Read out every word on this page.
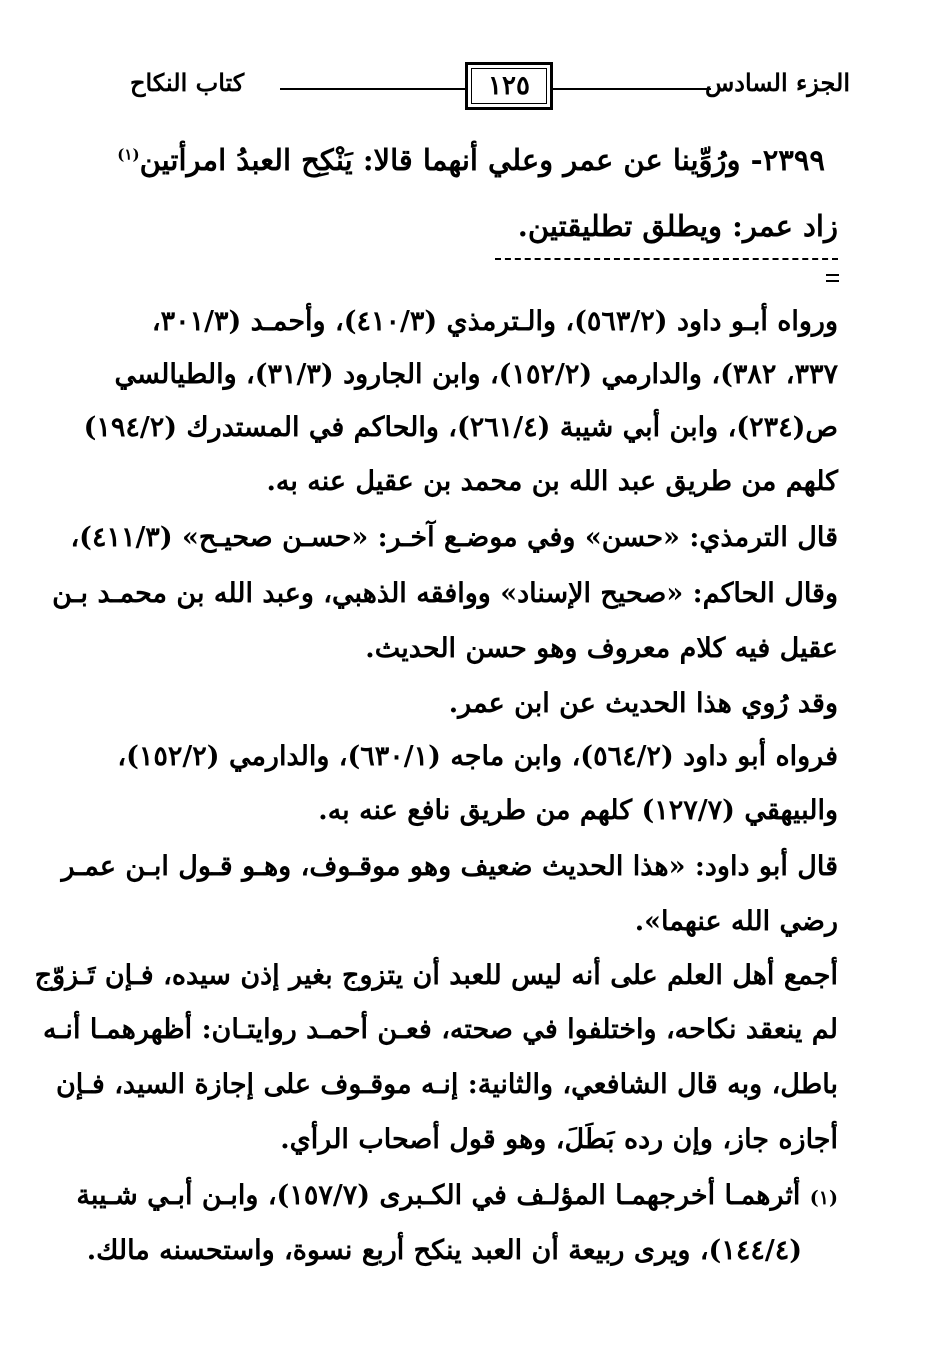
كتاب النكاح	١٢٥	الجزء السادس
٢٣٩٩- ورُوِّينا عن عمر وعلي أنهما قالا: يَنْكِح العبدُ امرأتين$^{(١)}$
زاد عمر: ويطلق تطليقتين.
ورواه أبـو داود (٥٦٣/٢)، والـترمذي (٤١٠/٣)، وأحمـد (٣٠١/٣،
٣٣٧، ٣٨٢)، والدارمي (١٥٢/٢)، وابن الجارود (٣١/٣)، والطيالسي
ص(٢٣٤)، وابن أبي شيبة (٢٦١/٤)، والحاكم في المستدرك (١٩٤/٢)
كلهم من طريق عبد الله بن محمد بن عقيل عنه به.
قال الترمذي: «حسن» وفي موضـع آخـر: «حسـن صحيـح» (٤١١/٣)،
وقال الحاكم: «صحيح الإسناد» ووافقه الذهبي، وعبد الله بن محمـد بـن
عقيل فيه كلام معروف وهو حسن الحديث.
وقد رُوي هذا الحديث عن ابن عمر.
فرواه أبو داود (٥٦٤/٢)، وابن ماجه (٦٣٠/١)، والدارمي (١٥٢/٢)،
والبيهقي (١٢٧/٧) كلهم من طريق نافع عنه به.
قال أبو داود: «هذا الحديث ضعيف وهو موقـوف، وهـو قـول ابـن عمـر
رضي الله عنهما».
أجمع أهل العلم على أنه ليس للعبد أن يتزوج بغير إذن سيده، فـإن تَـزوّج
لم ينعقد نكاحه، واختلفوا في صحته، فعـن أحمـد روايتـان: أظهرهمـا أنـه
باطل، وبه قال الشافعي، والثانية: إنـه موقـوف على إجازة السيد، فـإن
أجازه جاز، وإن رده بَطَلَ، وهو قول أصحاب الرأي.
(١) أثرهمـا أخرجهمـا المؤلـف في الكـبرى (١٥٧/٧)، وابـن أبـي شـيبة
(١٤٤/٤)، ويرى ربيعة أن العبد ينكح أربع نسوة، واستحسنه مالك.
